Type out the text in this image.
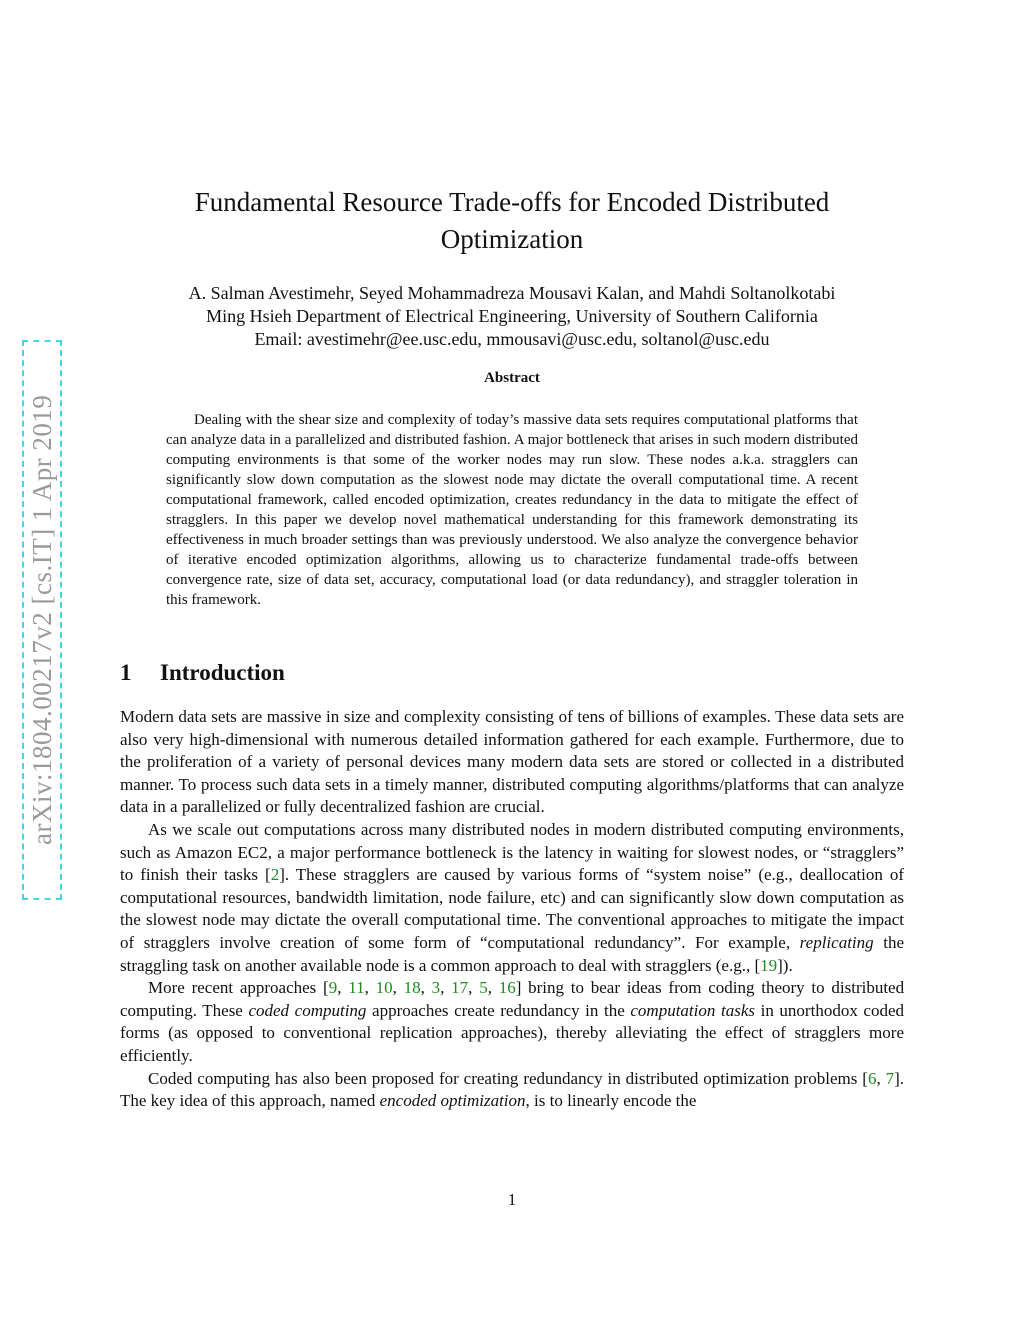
arXiv:1804.00217v2 [cs.IT] 1 Apr 2019
Fundamental Resource Trade-offs for Encoded Distributed Optimization
A. Salman Avestimehr, Seyed Mohammadreza Mousavi Kalan, and Mahdi Soltanolkotabi
Ming Hsieh Department of Electrical Engineering, University of Southern California
Email: avestimehr@ee.usc.edu, mmousavi@usc.edu, soltanol@usc.edu
Abstract

Dealing with the shear size and complexity of today’s massive data sets requires computational platforms that can analyze data in a parallelized and distributed fashion. A major bottleneck that arises in such modern distributed computing environments is that some of the worker nodes may run slow. These nodes a.k.a. stragglers can significantly slow down computation as the slowest node may dictate the overall computational time. A recent computational framework, called encoded optimization, creates redundancy in the data to mitigate the effect of stragglers. In this paper we develop novel mathematical understanding for this framework demonstrating its effectiveness in much broader settings than was previously understood. We also analyze the convergence behavior of iterative encoded optimization algorithms, allowing us to characterize fundamental trade-offs between convergence rate, size of data set, accuracy, computational load (or data redundancy), and straggler toleration in this framework.

1 Introduction

Modern data sets are massive in size and complexity consisting of tens of billions of examples. These data sets are also very high-dimensional with numerous detailed information gathered for each example. Furthermore, due to the proliferation of a variety of personal devices many modern data sets are stored or collected in a distributed manner. To process such data sets in a timely manner, distributed computing algorithms/platforms that can analyze data in a parallelized or fully decentralized fashion are crucial.

As we scale out computations across many distributed nodes in modern distributed computing environments, such as Amazon EC2, a major performance bottleneck is the latency in waiting for slowest nodes, or “stragglers” to finish their tasks [2]. These stragglers are caused by various forms of “system noise” (e.g., deallocation of computational resources, bandwidth limitation, node failure, etc) and can significantly slow down computation as the slowest node may dictate the overall computational time. The conventional approaches to mitigate the impact of stragglers involve creation of some form of “computational redundancy”. For example, replicating the straggling task on another available node is a common approach to deal with stragglers (e.g., [19]).

More recent approaches [9, 11, 10, 18, 3, 17, 5, 16] bring to bear ideas from coding theory to distributed computing. These coded computing approaches create redundancy in the computation tasks in unorthodox coded forms (as opposed to conventional replication approaches), thereby alleviating the effect of stragglers more efficiently.

Coded computing has also been proposed for creating redundancy in distributed optimization problems [6, 7]. The key idea of this approach, named encoded optimization, is to linearly encode the

1
